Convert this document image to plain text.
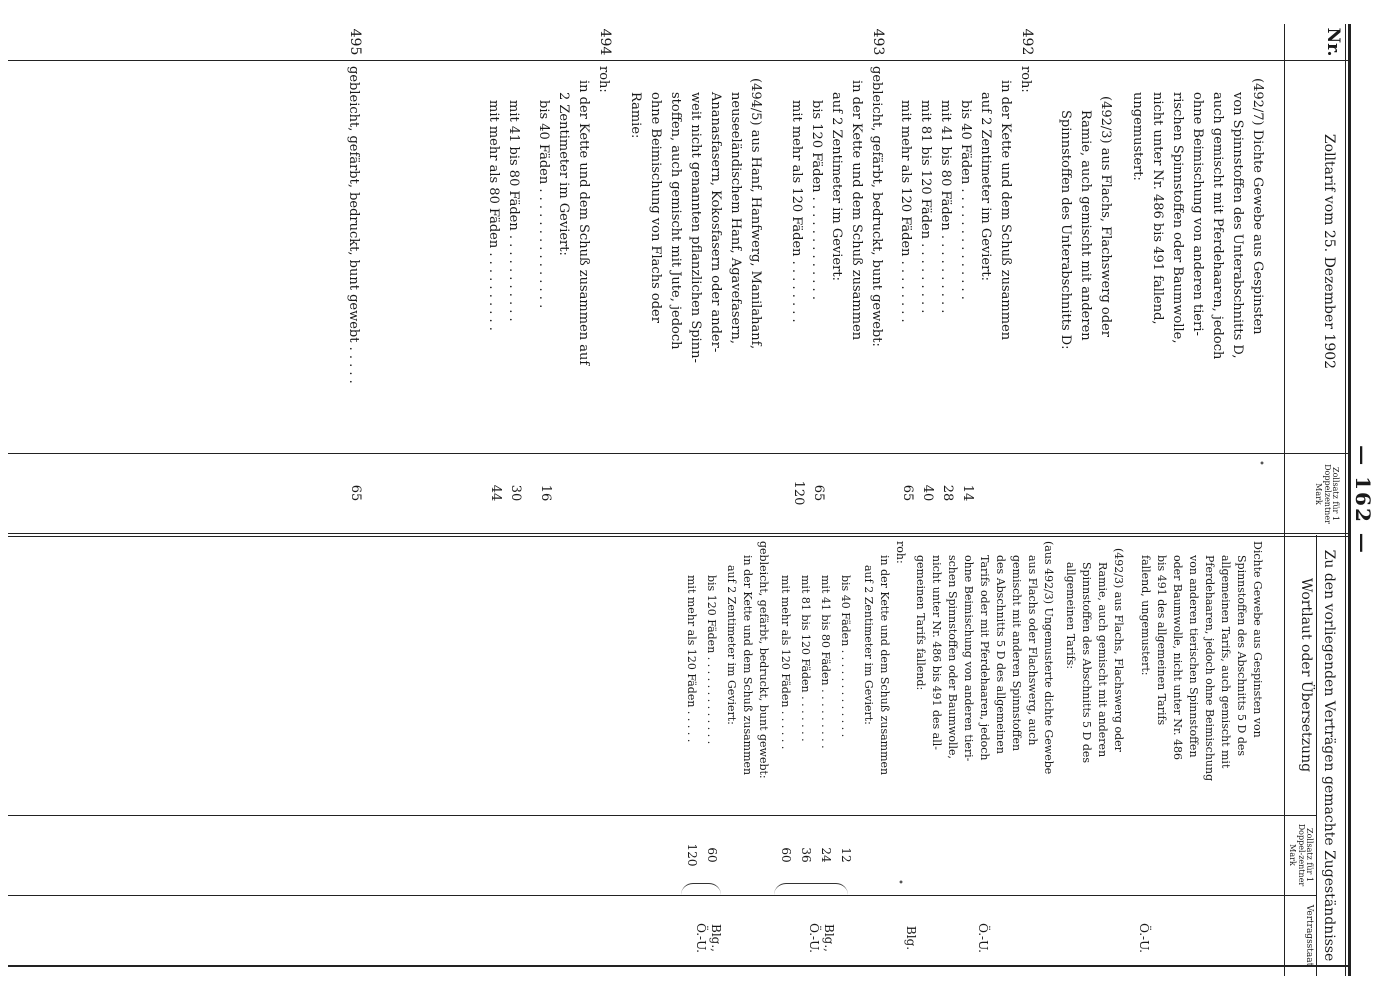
— 162 —
Nr.
Zolltarif vom 25. Dezember 1902
Zollsatz für 1 Doppelzentner Mark
Zu den vorliegenden Verträgen gemachte Zugeständnisse
Wortlaut oder Übersetzung
Zollsatz für 1 Doppel-zentner Mark
Vertragsstaat
(492/7) Dichte Gewebe aus Gespinsten
von Spinnstoffen des Unterabschnitts D,
auch gemischt mit Pferdehaaren, jedoch
ohne Beimischung von anderen tieri-
rischen Spinnstoffen oder Baumwolle,
nicht unter Nr. 486 bis 491 fallend,
ungemustert:
(492/3) aus Flachs, Flachswerg oder
Ramie, auch gemischt mit anderen
Spinnstoffen des Unterabschnitts D:
492
roh:
in der Kette und dem Schuß zusammen
auf 2 Zentimeter im Geviert:
bis 40 Fäden . . . . . . . . . . . . . .
mit 41 bis 80 Fäden . . . . . . . . . .
mit 81 bis 120 Fäden . . . . . . . . .
mit mehr als 120 Fäden . . . . . . . .
493
gebleicht, gefärbt, bedruckt, bunt gewebt:
in der Kette und dem Schuß zusammen
auf 2 Zentimeter im Geviert:
bis 120 Fäden . . . . . . . . . . . . .
mit mehr als 120 Fäden . . . . . . . .
(494/5) aus Hanf, Hanfwerg, Manilahanf,
neuseeländischem Hanf, Agavefasern,
Ananasfasern, Kokosfasern oder ander-
weit nicht genannten pflanzlichen Spinn-
stoffen, auch gemischt mit Jute, jedoch
ohne Beimischung von Flachs oder
Ramie:
494
roh:
in der Kette und dem Schuß zusammen auf
2 Zentimeter im Geviert:
bis 40 Fäden . . . . . . . . . . . . . . .
mit 41 bis 80 Fäden . . . . . . . . . . .
mit mehr als 80 Fäden . . . . . . . . . .
495
gebleicht, gefärbt, bedruckt, bunt gewebt . . . . .
14
28
40
65
65
120
16
30
44
65
Dichte Gewebe aus Gespinsten von
Spinnstoffen des Abschnitts 5 D des
allgemeinen Tarifs, auch gemischt mit
Pferdehaaren, jedoch ohne Beimischung
von anderen tierischen Spinnstoffen
oder Baumwolle, nicht unter Nr. 486
bis 491 des allgemeinen Tarifs
fallend, ungemustert:
(492/3) aus Flachs, Flachswerg oder
Ramie, auch gemischt mit anderen
Spinnstoffen des Abschnitts 5 D des
allgemeinen Tarifs:
(aus 492/3) Ungemusterte dichte Gewebe
aus Flachs oder Flachswerg, auch
gemischt mit anderen Spinnstoffen
des Abschnitts 5 D des allgemeinen
Tarifs oder mit Pferdehaaren, jedoch
ohne Beimischung von anderen tieri-
schen Spinnstoffen oder Baumwolle,
nicht unter Nr. 486 bis 491 des all-
gemeinen Tarifs fallend:
roh:
in der Kette und dem Schuß zusammen
auf 2 Zentimeter im Geviert:
bis 40 Fäden . . . . . . . . . . . . .
mit 41 bis 80 Fäden . . . . . . . . .
mit 81 bis 120 Fäden . . . . . . .
mit mehr als 120 Fäden . . . . . .
gebleicht, gefärbt, bedruckt, bunt gewebt:
in der Kette und dem Schuß zusammen
auf 2 Zentimeter im Geviert:
bis 120 Fäden . . . . . . . . . . . . .
mit mehr als 120 Fäden . . . . .
12
24
36
60
60
120
Ö.-U.
Ö.-U.
Blg.
Blg.,
Ö.-U.
Blg.,
Ö.-U.
•
•
